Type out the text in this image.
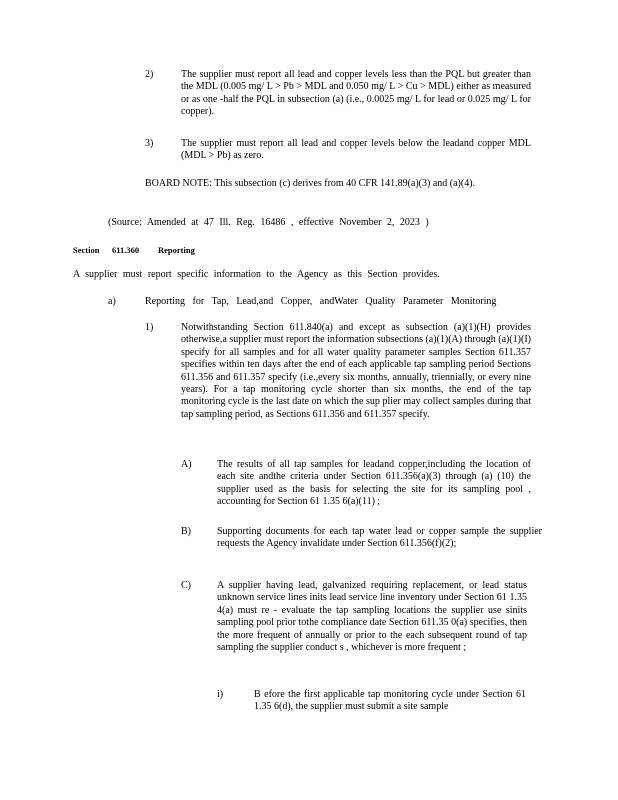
2)	The supplier must report all lead and copper levels less than the PQL but greater than the MDL (0.005 mg/ L > Pb > MDL and 0.050 mg/ L > Cu > MDL) either as measured or as one -half the PQL in subsection (a) (i.e., 0.0025 mg/ L for lead or 0.025 mg/ L for copper).

3)	The supplier must report all lead and copper levels below the leadand copper MDL (MDL > Pb) as zero.

BOARD NOTE: This subsection (c) derives from 40 CFR 141.89(a)(3) and (a)(4).

(Source: Amended at 47 Ill. Reg. 16486 , effective November 2, 2023 )

Section 611.360 Reporting

A supplier must report specific information to the Agency as this Section provides.

a)	Reporting for Tap, Lead,and Copper, andWater Quality Parameter Monitoring

1)	Notwithstanding Section 611.840(a) and except as subsection (a)(1)(H) provides otherwise,a supplier must report the information subsections (a)(1)(A) through (a)(1)(I) specify for all samples and for all water quality parameter samples Section 611.357 specifies within ten days after the end of each applicable tap sampling period Sections 611.356 and 611.357 specify (i.e.,every six months, annually, triennially, or every nine years). For a tap monitoring cycle shorter than six months, the end of the tap monitoring cycle is the last date on which the sup plier may collect samples during that tap sampling period, as Sections 611.356 and 611.357 specify.

A)	The results of all tap samples for leadand copper,including the location of each site andthe criteria under Section 611.356(a)(3) through (a) (10) the supplier used as the basis for selecting the site for its sampling pool , accounting for Section 61 1.35 6(a)(11) ;

B)	Supporting documents for each tap water lead or copper sample the supplier requests the Agency invalidate under Section 611.356(f)(2);

C)	A supplier having lead, galvanized requiring replacement, or lead status unknown service lines inits lead service line inventory under Section 61 1.35 4(a) must re - evaluate the tap sampling locations the supplier use sinits sampling pool prior tothe compliance date Section 611.35 0(a) specifies, then the more frequent of annually or prior to the each subsequent round of tap sampling the supplier conduct s , whichever is more frequent ;

i)	B efore the first applicable tap monitoring cycle under Section 61 1.35 6(d), the supplier must submit a site sample
